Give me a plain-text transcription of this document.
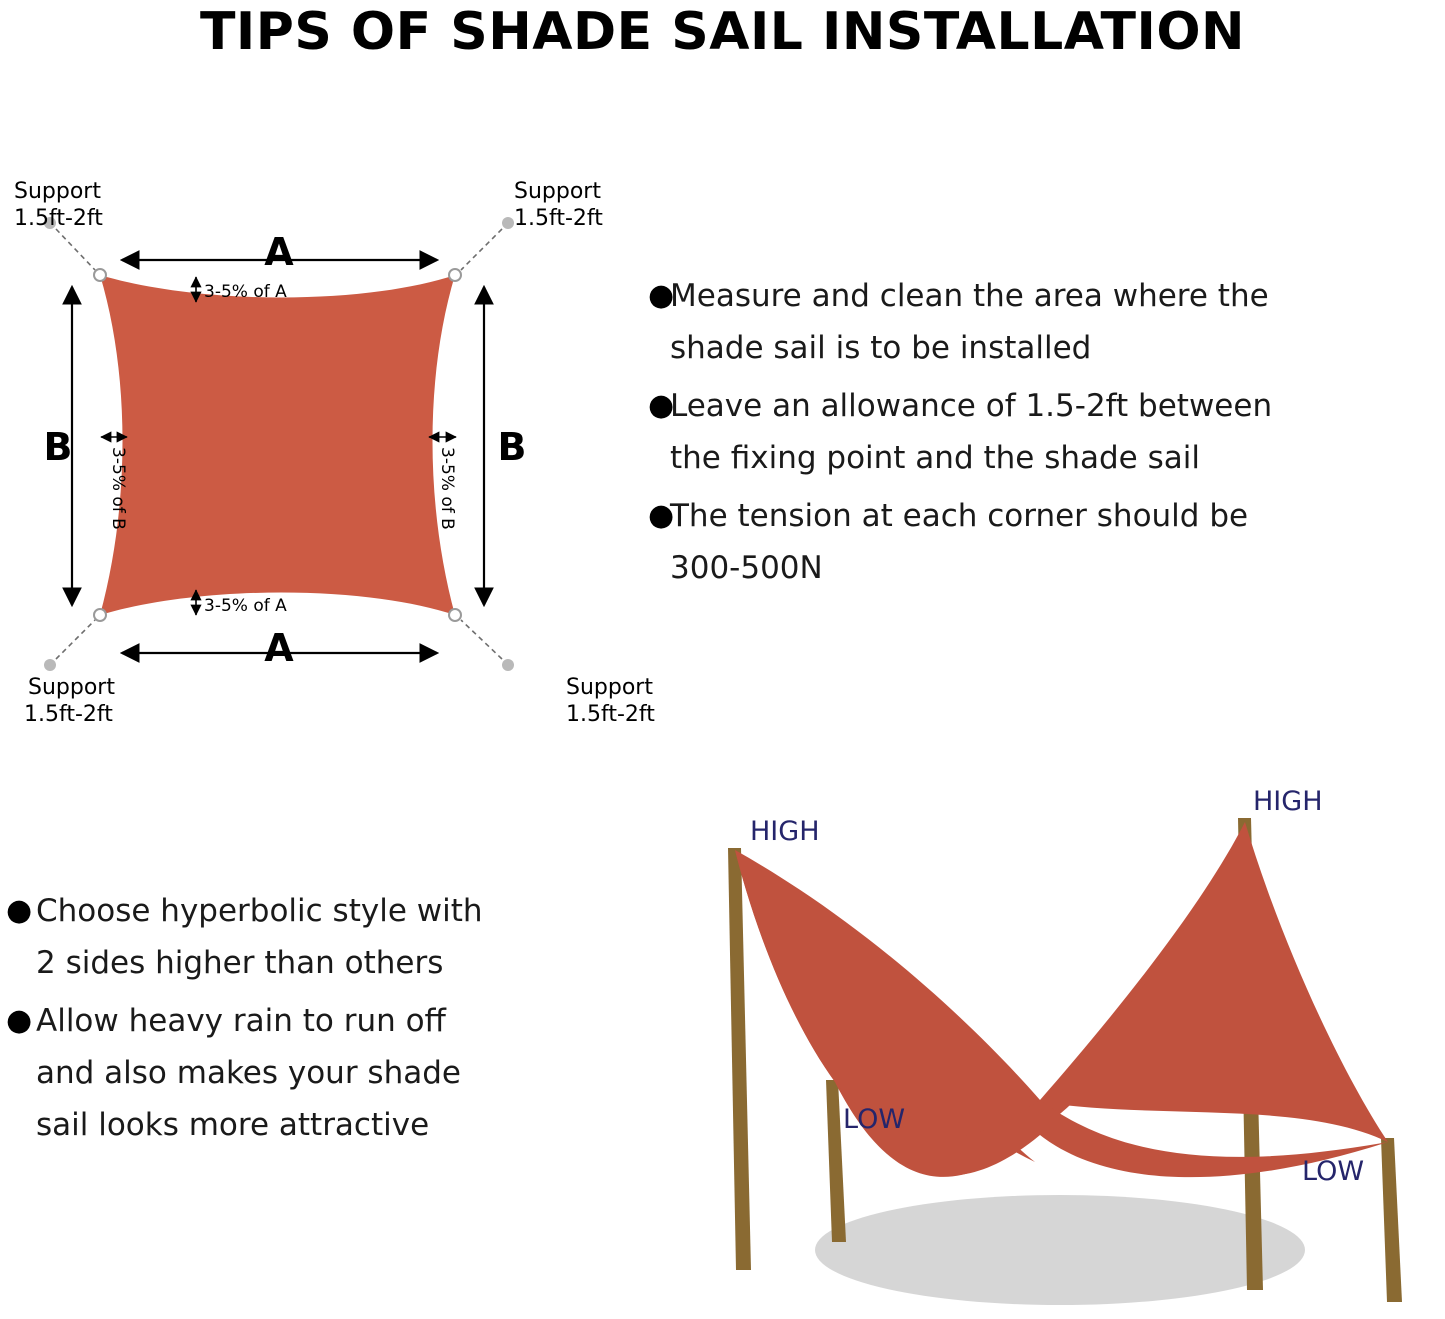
TIPS OF SHADE SAIL INSTALLATION
A
A
B	B
3-5% of A
3-5% of A
3-5% of B	3-5% of B
Support
1.5ft-2ft
Support
1.5ft-2ft
Support
1.5ft-2ft
Support
1.5ft-2ft
●
Measure and clean the area where the
shade sail is to be installed
●
Leave an allowance of 1.5-2ft between
the fixing point and the shade sail
●
The tension at each corner should be
300-500N
● Choose hyperbolic style with
2 sides higher than others
● Allow heavy rain to run off
and also makes your shade
sail looks more attractive
HIGH
HIGH
LOW
LOW
